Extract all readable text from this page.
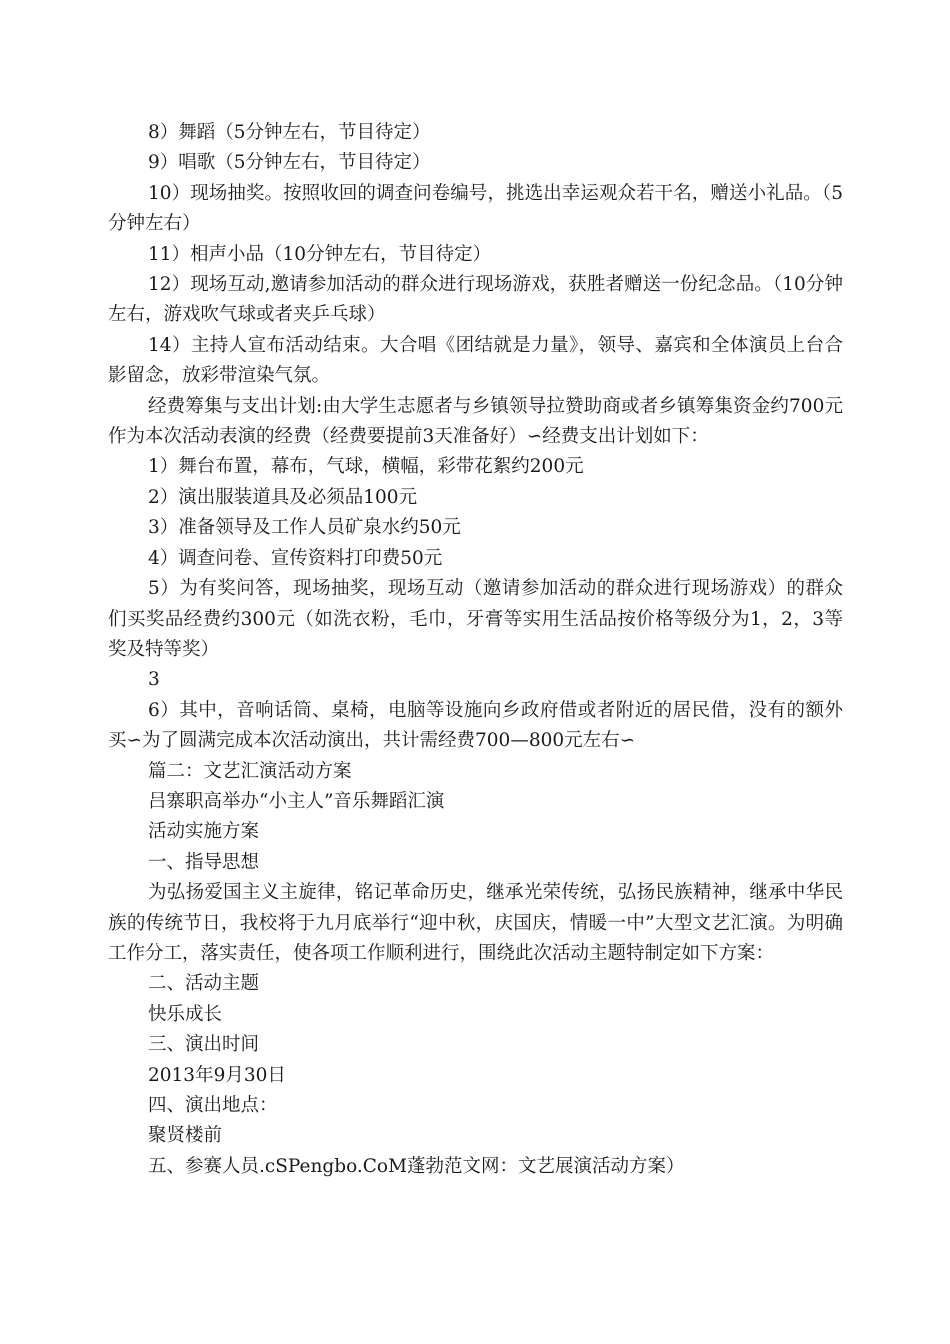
8）舞蹈（5分钟左右，节目待定）

9）唱歌（5分钟左右，节目待定）

10）现场抽奖。按照收回的调查问卷编号，挑选出幸运观众若干名，赠送小礼品。（5分钟左右）

11）相声小品（10分钟左右，节目待定）

12）现场互动,邀请参加活动的群众进行现场游戏，获胜者赠送一份纪念品。（10分钟左右，游戏吹气球或者夹乒乓球）

14）主持人宣布活动结束。大合唱《团结就是力量》，领导、嘉宾和全体演员上台合影留念，放彩带渲染气氛。

经费筹集与支出计划:由大学生志愿者与乡镇领导拉赞助商或者乡镇筹集资金约700元作为本次活动表演的经费（经费要提前3天准备好）∽经费支出计划如下：

1）舞台布置，幕布，气球，横幅，彩带花絮约200元

2）演出服装道具及必须品100元

3）准备领导及工作人员矿泉水约50元

4）调查问卷、宣传资料打印费50元

5）为有奖问答，现场抽奖，现场互动（邀请参加活动的群众进行现场游戏）的群众们买奖品经费约300元（如洗衣粉，毛巾，牙膏等实用生活品按价格等级分为1，2，3等奖及特等奖）

3

6）其中，音响话筒、桌椅，电脑等设施向乡政府借或者附近的居民借，没有的额外买∽为了圆满完成本次活动演出，共计需经费700—800元左右∽

篇二：文艺汇演活动方案

吕寨职高举办“小主人”音乐舞蹈汇演

活动实施方案

一、指导思想

为弘扬爱国主义主旋律，铭记革命历史，继承光荣传统，弘扬民族精神，继承中华民族的传统节日，我校将于九月底举行“迎中秋，庆国庆，情暖一中”大型文艺汇演。为明确工作分工，落实责任，使各项工作顺利进行，围绕此次活动主题特制定如下方案：

二、活动主题

快乐成长

三、演出时间

2013年9月30日

四、演出地点：

聚贤楼前

五、参赛人员.cSPengbo.CoM蓬勃范文网：文艺展演活动方案）
